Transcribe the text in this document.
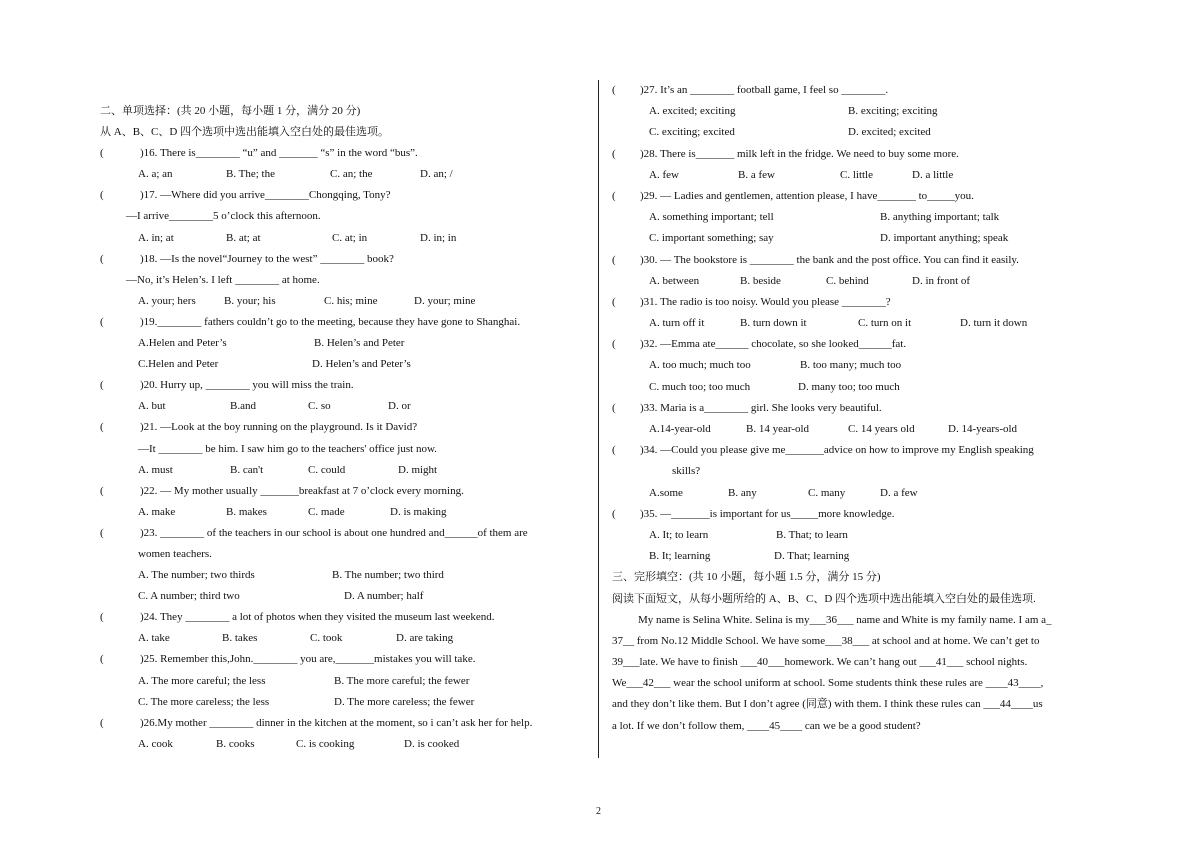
二、单项选择：(共 20 小题，每小题 1 分，满分 20 分)
从 A、B、C、D 四个选项中选出能填入空白处的最佳选项。
(	)16. There is________ “u” and _______ “s” in the word “bus”.
A. a; an	B. The; the	C. an; the	D. an; /
(	)17. —Where did you arrive________Chongqing, Tony?
—I arrive________5 o’clock this afternoon.
A. in; at	B. at; at	C. at; in	D. in; in
(	)18. —Is the novel“Journey to the west” ________ book?
—No, it’s Helen’s. I left ________ at home.
A. your; hers	B. your; his	C. his; mine	D. your; mine
(	)19.________ fathers couldn’t go to the meeting, because they have gone to Shanghai.
A.Helen and Peter’s	B. Helen’s and Peter
C.Helen and Peter	D. Helen’s and Peter’s
(	)20. Hurry up, ________ you will miss the train.
A. but	B.and	C. so	D. or
(	)21. —Look at the boy running on the playground. Is it David?
—It ________ be him. I saw him go to the teachers' office just now.
A. must	B. can't	C. could	D. might
(	)22. — My mother usually _______breakfast at 7 o’clock every morning.
A. make	B. makes	C. made	D. is making
(	)23. ________ of the teachers in our school is about one hundred and______of them are
women teachers.
A. The number; two thirds	B. The number; two third
C. A number; third two	D. A number; half
(	)24. They ________ a lot of photos when they visited the museum last weekend.
A. take	B. takes	C. took	D. are taking
(	)25. Remember this,John.________ you are,_______mistakes you will take.
A. The more careful; the less	B. The more careful; the fewer
C. The more careless; the less	D. The more careless; the fewer
(	)26.My mother ________ dinner in the kitchen at the moment, so i can’t ask her for help.
A. cook	B. cooks	C. is cooking	D. is cooked
( )27. It’s an ________ football game, I feel so ________.
A. excited; exciting	B. exciting; exciting
C. exciting; excited	D. excited; excited
( )28. There is_______ milk left in the fridge. We need to buy some more.
A. few	B. a few	C. little	D. a little
( )29. — Ladies and gentlemen, attention please, I have_______ to_____you.
A. something important; tell	B. anything important; talk
C. important something; say	D. important anything; speak
( )30. — The bookstore is ________ the bank and the post office. You can find it easily.
A. between	B. beside	C. behind	D. in front of
( )31. The radio is too noisy. Would you please ________?
A. turn off it	B. turn down it	C. turn on it	D. turn it down
( )32. —Emma ate______ chocolate, so she looked______fat.
A. too much; much too	B. too many; much too
C. much too; too much	D. many too; too much
( )33. Maria is a________ girl. She looks very beautiful.
A.14-year-old	B. 14 year-old	C. 14 years old	D. 14-years-old
( )34. —Could you please give me_______advice on how to improve my English speaking
skills?
A.some	B. any	C. many	D. a few
( )35. —_______is important for us_____more knowledge.
A. It; to learn	B. That; to learn
B. It; learning	D. That; learning
三、完形填空：(共 10 小题，每小题 1.5 分，满分 15 分)
阅读下面短文，从每小题所给的 A、B、C、D 四个选项中选出能填入空白处的最佳选项.
My name is Selina White. Selina is my___36___ name and White is my family name. I am a_
37__ from No.12 Middle School. We have some___38___ at school and at home. We can’t get to
39___late. We have to finish ___40___homework. We can’t hang out ___41___ school nights.
We___42___ wear the school uniform at school. Some students think these rules are ____43____,
and they don’t like them. But I don’t agree (同意) with them. I think these rules can ___44____us
a lot. If we don’t follow them, ____45____ can we be a good student?
2
